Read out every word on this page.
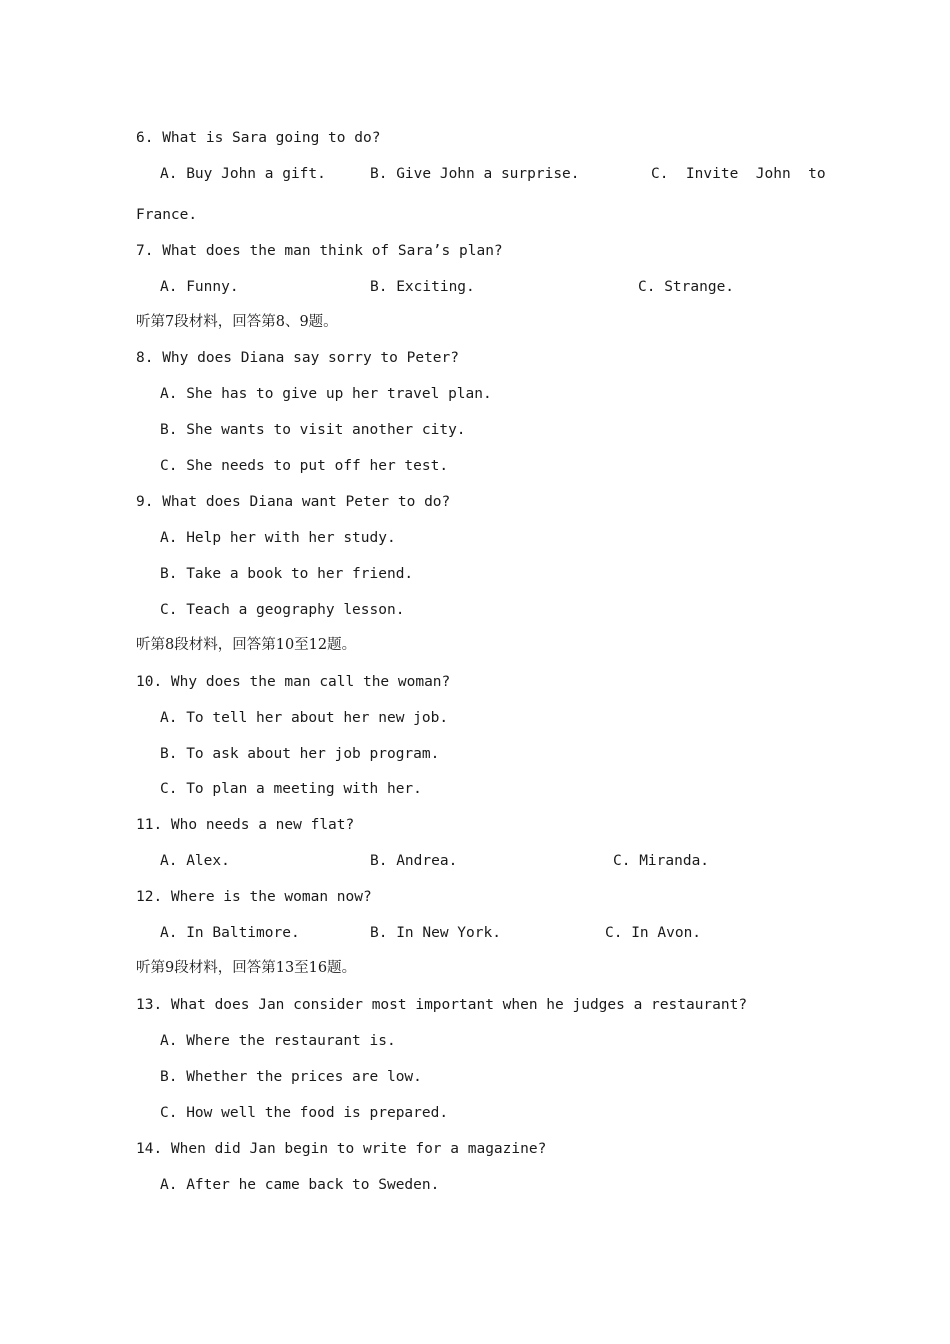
6. What is Sara going to do?
A. Buy John a gift.	B. Give John a surprise.	C.  Invite  John  to
France.
7. What does the man think of Sara’s plan?
A. Funny.	B. Exciting.	C. Strange.
听第7段材料，回答第8、9题。
8. Why does Diana say sorry to Peter?
A. She has to give up her travel plan.
B. She wants to visit another city.
C. She needs to put off her test.
9. What does Diana want Peter to do?
A. Help her with her study.
B. Take a book to her friend.
C. Teach a geography lesson.
听第8段材料，回答第10至12题。
10. Why does the man call the woman?
A. To tell her about her new job.
B. To ask about her job program.
C. To plan a meeting with her.
11. Who needs a new flat?
A. Alex.	B. Andrea.	C. Miranda.
12. Where is the woman now?
A. In Baltimore.	B. In New York.	C. In Avon.
听第9段材料，回答第13至16题。
13. What does Jan consider most important when he judges a restaurant?
A. Where the restaurant is.
B. Whether the prices are low.
C. How well the food is prepared.
14. When did Jan begin to write for a magazine?
A. After he came back to Sweden.
